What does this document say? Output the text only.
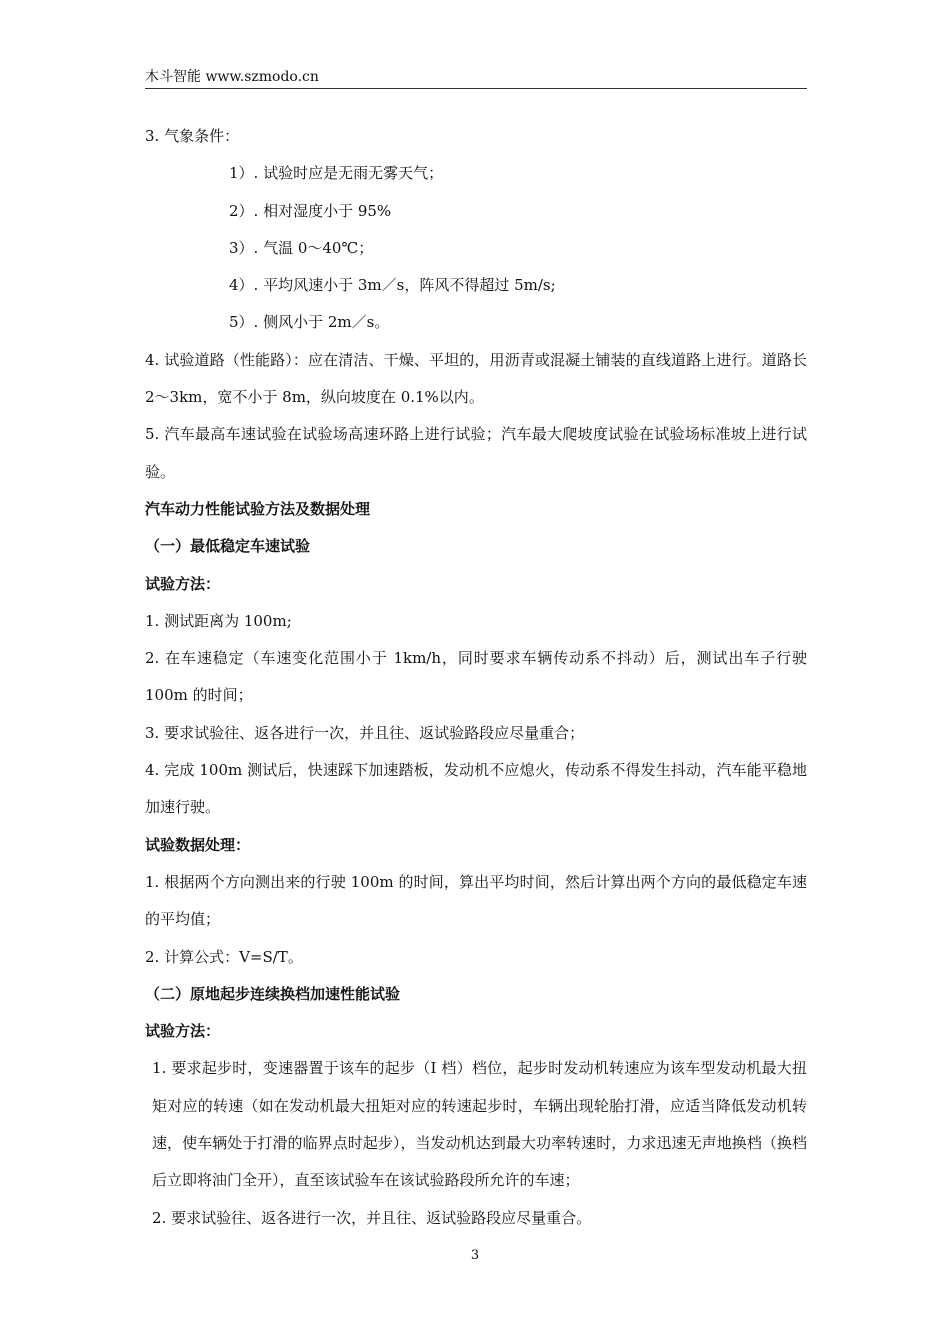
木斗智能 www.szmodo.cn

3. 气象条件：

1）. 试验时应是无雨无雾天气；

2）. 相对湿度小于 95%

3）. 气温 0～40℃；

4）. 平均风速小于 3m／s，阵风不得超过 5m/s;

5）. 侧风小于 2m／s。

4. 试验道路（性能路）：应在清洁、干燥、平坦的，用沥青或混凝土铺装的直线道路上进行。道路长 2～3km，宽不小于 8m，纵向坡度在 0.1%以内。

5. 汽车最高车速试验在试验场高速环路上进行试验；汽车最大爬坡度试验在试验场标准坡上进行试验。

汽车动力性能试验方法及数据处理

（一）最低稳定车速试验

试验方法：

1. 测试距离为 100m;

2. 在车速稳定（车速变化范围小于 1km/h，同时要求车辆传动系不抖动）后，测试出车子行驶 100m 的时间；

3. 要求试验往、返各进行一次，并且往、返试验路段应尽量重合；

4. 完成 100m 测试后，快速踩下加速踏板，发动机不应熄火，传动系不得发生抖动，汽车能平稳地加速行驶。

试验数据处理：

1. 根据两个方向测出来的行驶 100m 的时间，算出平均时间，然后计算出两个方向的最低稳定车速的平均值；

2. 计算公式：V=S/T。

（二）原地起步连续换档加速性能试验

试验方法：

1. 要求起步时，变速器置于该车的起步（I 档）档位，起步时发动机转速应为该车型发动机最大扭矩对应的转速（如在发动机最大扭矩对应的转速起步时，车辆出现轮胎打滑，应适当降低发动机转速，使车辆处于打滑的临界点时起步），当发动机达到最大功率转速时，力求迅速无声地换档（换档后立即将油门全开），直至该试验车在该试验路段所允许的车速；

2. 要求试验往、返各进行一次，并且往、返试验路段应尽量重合。

3
